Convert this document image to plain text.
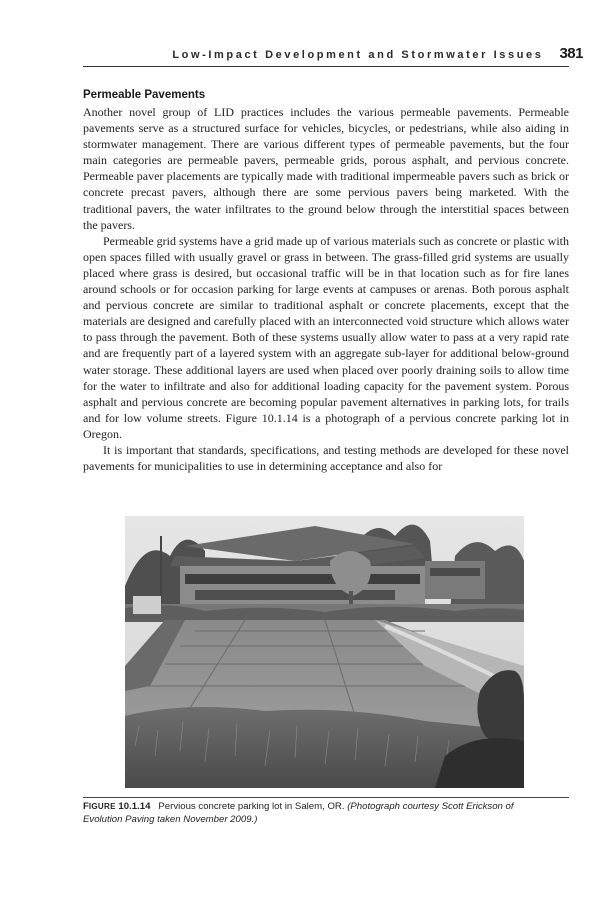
Low-Impact Development and Stormwater Issues 381
Permeable Pavements

Another novel group of LID practices includes the various permeable pavements. Permeable pavements serve as a structured surface for vehicles, bicycles, or pedestrians, while also aiding in stormwater management. There are various different types of permeable pavements, but the four main categories are permeable pavers, permeable grids, porous asphalt, and pervious concrete. Permeable paver placements are typically made with traditional impermeable pavers such as brick or concrete precast pavers, although there are some pervious pavers being marketed. With the traditional pavers, the water infiltrates to the ground below through the interstitial spaces between the pavers.

Permeable grid systems have a grid made up of various materials such as concrete or plastic with open spaces filled with usually gravel or grass in between. The grass-filled grid systems are usually placed where grass is desired, but occasional traffic will be in that location such as for fire lanes around schools or for occasion parking for large events at campuses or arenas. Both porous asphalt and pervious concrete are similar to traditional asphalt or concrete placements, except that the materials are designed and carefully placed with an interconnected void structure which allows water to pass through the pavement. Both of these systems usually allow water to pass at a very rapid rate and are frequently part of a layered system with an aggregate sub-layer for additional below-ground water storage. These additional layers are used when placed over poorly draining soils to allow time for the water to infiltrate and also for additional loading capacity for the pavement system. Porous asphalt and pervious concrete are becoming popular pavement alternatives in parking lots, for trails and for low volume streets. Figure 10.1.14 is a photograph of a pervious concrete parking lot in Oregon.

It is important that standards, specifications, and testing methods are developed for these novel pavements for municipalities to use in determining acceptance and also for

FIGURE 10.1.14 Pervious concrete parking lot in Salem, OR. (Photograph courtesy Scott Erickson of Evolution Paving taken November 2009.)
